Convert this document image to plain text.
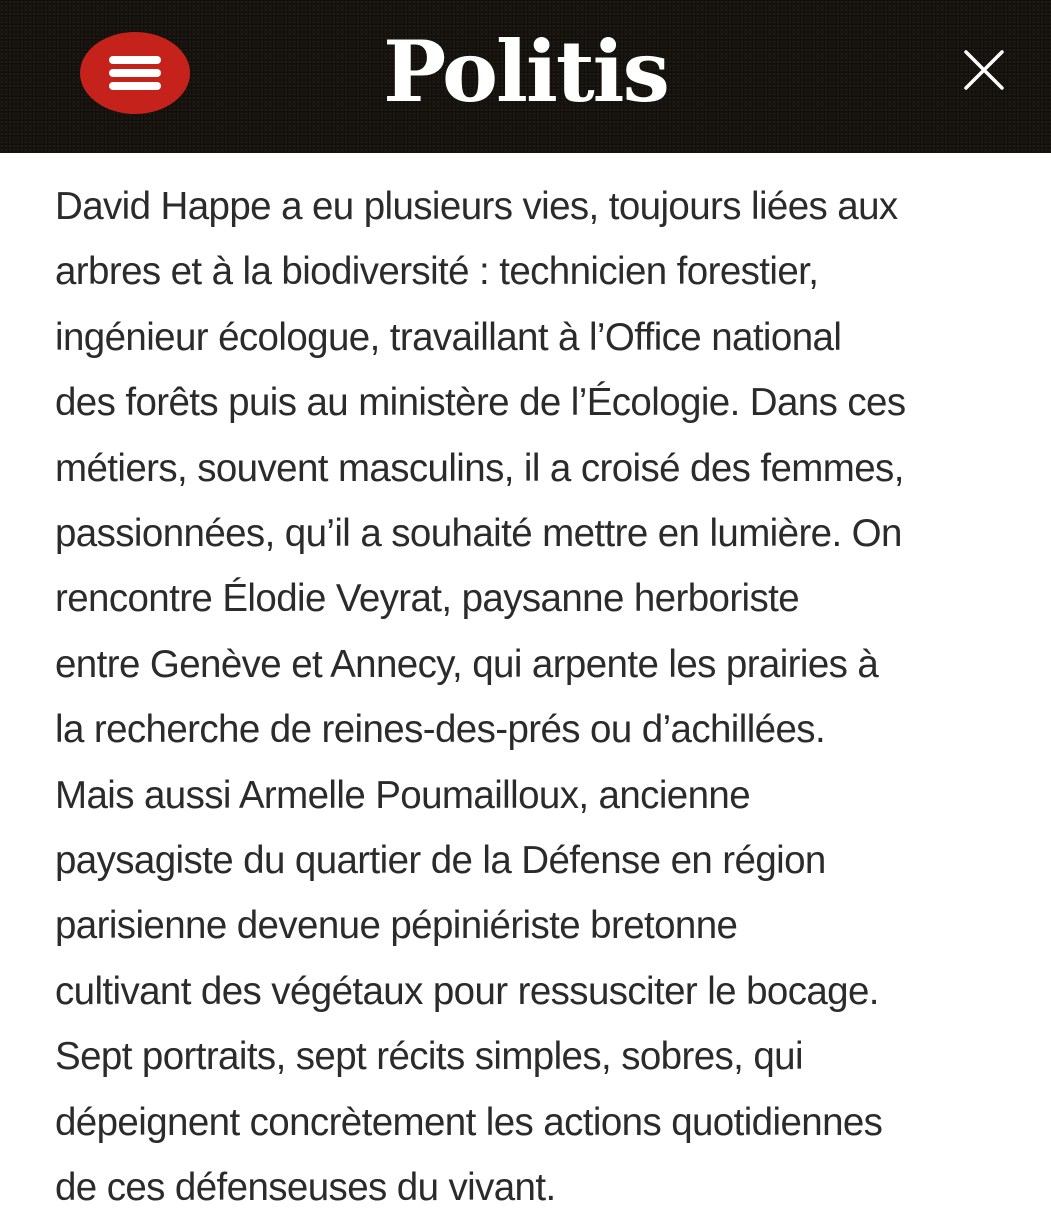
Politis
David Happe a eu plusieurs vies, toujours liées aux
arbres et à la biodiversité : technicien forestier,
ingénieur écologue, travaillant à l’Office national
des forêts puis au ministère de l’Écologie. Dans ces
métiers, souvent masculins, il a croisé des femmes,
passionnées, qu’il a souhaité mettre en lumière. On
rencontre Élodie Veyrat, paysanne herboriste
entre Genève et Annecy, qui arpente les prairies à
la recherche de reines-des-prés ou d’achillées.
Mais aussi Armelle Poumailloux, ancienne
paysagiste du quartier de la Défense en région
parisienne devenue pépiniériste bretonne
cultivant des végétaux pour ressusciter le bocage.
Sept portraits, sept récits simples, sobres, qui
dépeignent concrètement les actions quotidiennes
de ces défenseuses du vivant.
